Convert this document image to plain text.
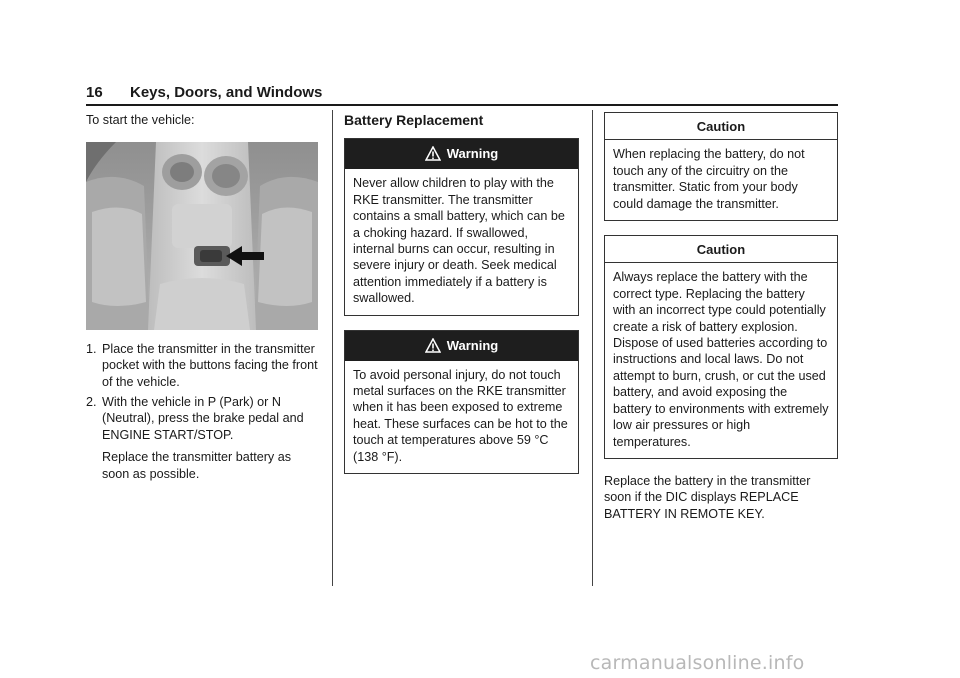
16 Keys, Doors, and Windows

To start the vehicle:

1. Place the transmitter in the transmitter pocket with the buttons facing the front of the vehicle.
2. With the vehicle in P (Park) or N (Neutral), press the brake pedal and ENGINE START/STOP.
Replace the transmitter battery as soon as possible.
Battery Replacement
Warning
Never allow children to play with the RKE transmitter. The transmitter contains a small battery, which can be a choking hazard. If swallowed, internal burns can occur, resulting in severe injury or death. Seek medical attention immediately if a battery is swallowed.
Warning
To avoid personal injury, do not touch metal surfaces on the RKE transmitter when it has been exposed to extreme heat. These surfaces can be hot to the touch at temperatures above 59 °C (138 °F).
Caution
When replacing the battery, do not touch any of the circuitry on the transmitter. Static from your body could damage the transmitter.
Caution
Always replace the battery with the correct type. Replacing the battery with an incorrect type could potentially create a risk of battery explosion. Dispose of used batteries according to instructions and local laws. Do not attempt to burn, crush, or cut the used battery, and avoid exposing the battery to environments with extremely low air pressures or high temperatures.

Replace the battery in the transmitter soon if the DIC displays REPLACE BATTERY IN REMOTE KEY.

carmanualsonline.info
